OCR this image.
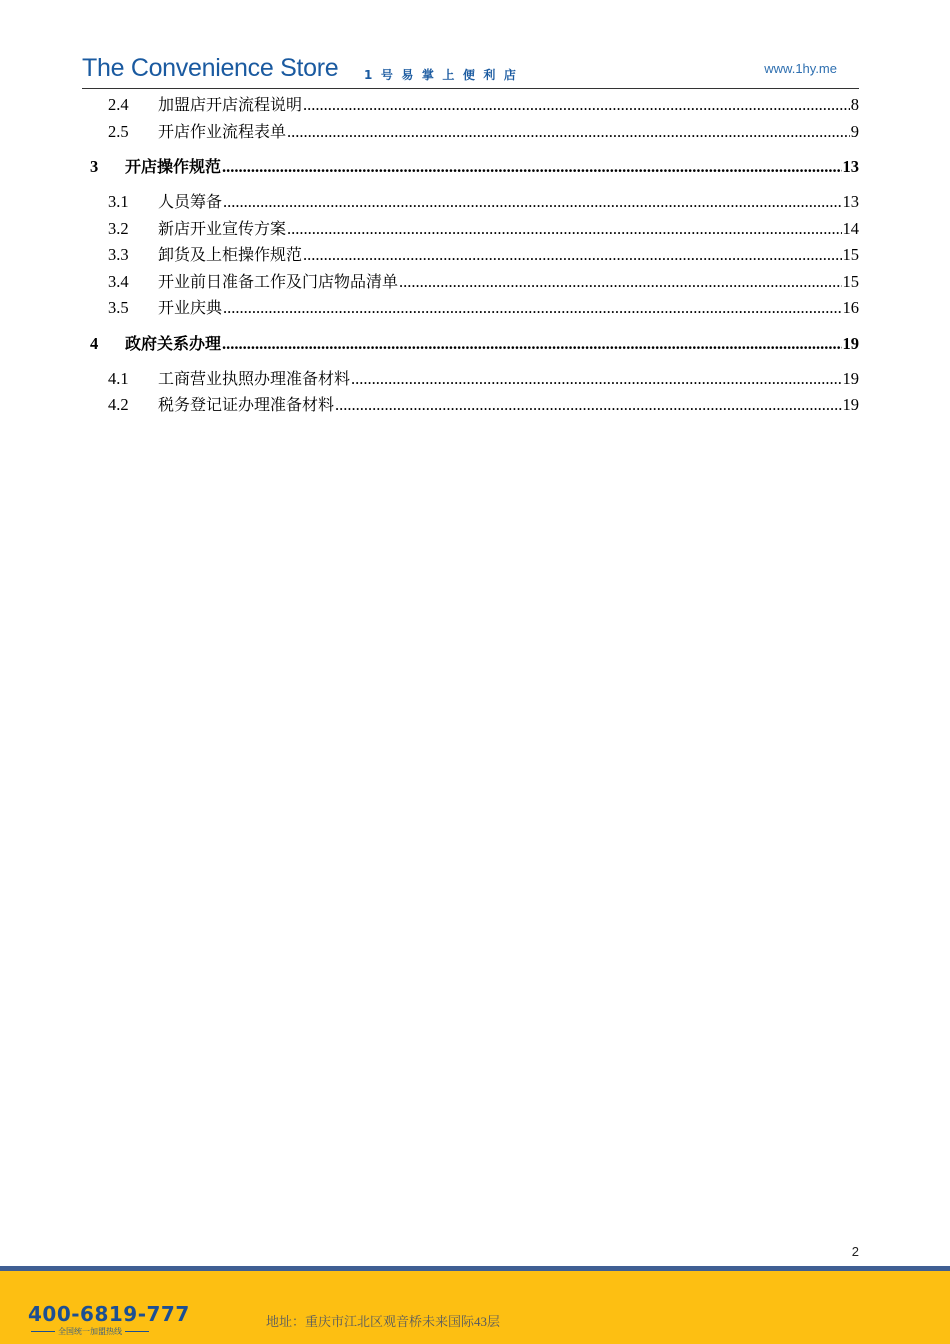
The Convenience Store 1号易掌上便利店	www.1hy.me
2.4	加盟店开店流程说明 .....	8
2.5	开店作业流程表单 .....	9
3	开店操作规范 .....	13
3.1	人员筹备 .....	13
3.2	新店开业宣传方案 .....	14
3.3	卸货及上柜操作规范 .....	15
3.4	开业前日准备工作及门店物品清单 .....	15
3.5	开业庆典 .....	16
4	政府关系办理 .....	19
4.1	工商营业执照办理准备材料 .....	19
4.2	税务登记证办理准备材料 .....	19
2
400-6819-777
全国统一加盟热线
地址：重庆市江北区观音桥未来国际43层
